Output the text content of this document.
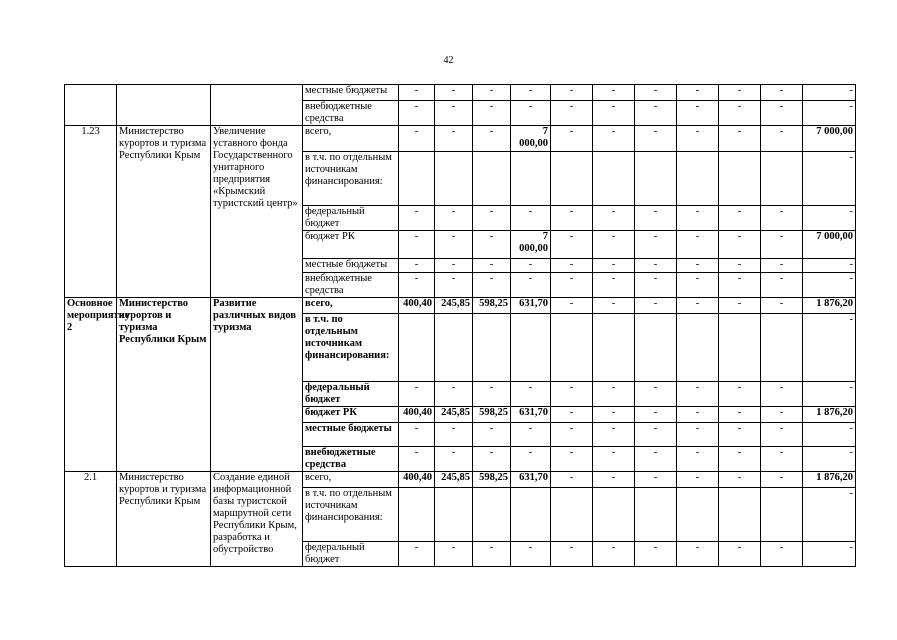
42
			местные бюджеты	-	-	-	-	-	-	-	-	-	-	-
			внебюджетные средства	-	-	-	-	-	-	-	-	-	-	-
1.23	Министерство курортов и туризма Республики Крым	Увеличение уставного фонда Государственного унитарного предприятия «Крымский туристский центр»	всего,	-	-	-	7 000,00	-	-	-	-	-	-	7 000,00
			в т.ч. по отдельным источникам финансирования:											-
			федеральный бюджет	-	-	-	-	-	-	-	-	-	-	-
			бюджет РК	-	-	-	7 000,00	-	-	-	-	-	-	7 000,00
			местные бюджеты	-	-	-	-	-	-	-	-	-	-	-
			внебюджетные средства	-	-	-	-	-	-	-	-	-	-	-
Основное мероприятие 2	Министерство курортов и туризма Республики Крым	Развитие различных видов туризма	всего,	400,40	245,85	598,25	631,70	-	-	-	-	-	-	1 876,20
			в т.ч. по отдельным источникам финансирования:											-
			федеральный бюджет	-	-	-	-	-	-	-	-	-	-	-
			бюджет РК	400,40	245,85	598,25	631,70	-	-	-	-	-	-	1 876,20
			местные бюджеты	-	-	-	-	-	-	-	-	-	-	-
			внебюджетные средства	-	-	-	-	-	-	-	-	-	-	-
2.1	Министерство курортов и туризма Республики Крым	Создание единой информационной базы туристской маршрутной сети Республики Крым, разработка и обустройство	всего,	400,40	245,85	598,25	631,70	-	-	-	-	-	-	1 876,20
			в т.ч. по отдельным источникам финансирования:											-
			федеральный бюджет	-	-	-	-	-	-	-	-	-	-	-
